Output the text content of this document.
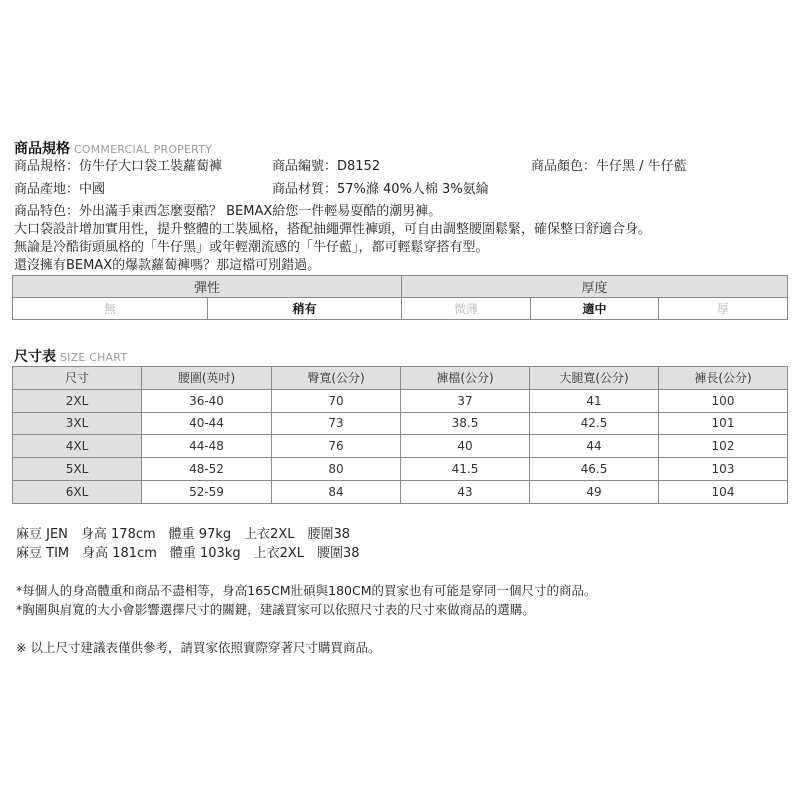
商品規格 COMMERCIAL PROPERTY
商品規格：仿牛仔大口袋工裝蘿蔔褲	商品編號：D8152	商品顏色：牛仔黑 / 牛仔藍
商品產地：中國	商品材質：57%滌 40%人棉 3%氨綸
商品特色：外出滿手東西怎麼耍酷？ BEMAX給您一件輕易耍酷的潮男褲。
大口袋設計增加實用性，提升整體的工裝風格，搭配抽繩彈性褲頭，可自由調整腰圍鬆緊，確保整日舒適合身。
無論是冷酷街頭風格的「牛仔黑」或年輕潮流感的「牛仔藍」，都可輕鬆穿搭有型。
還沒擁有BEMAX的爆款蘿蔔褲嗎？那這檔可別錯過。
彈性		厚度		
無	稍有	微薄	適中	厚
尺寸表 SIZE CHART
尺寸	腰圍(英吋)	臀寬(公分)	褲檔(公分)	大腿寬(公分)	褲長(公分)
2XL	36-40	70	37	41	100
3XL	40-44	73	38.5	42.5	101
4XL	44-48	76	40	44	102
5XL	48-52	80	41.5	46.5	103
6XL	52-59	84	43	49	104
麻豆 JEN　身高 178cm　體重 97kg　上衣2XL　腰圍38
麻豆 TIM　身高 181cm　體重 103kg　上衣2XL　腰圍38
*每個人的身高體重和商品不盡相等，身高165CM壯碩與180CM的買家也有可能是穿同一個尺寸的商品。
*胸圍與肩寬的大小會影響選擇尺寸的關鍵，建議買家可以依照尺寸表的尺寸來做商品的選購。
※ 以上尺寸建議表僅供參考，請買家依照實際穿著尺寸購買商品。
